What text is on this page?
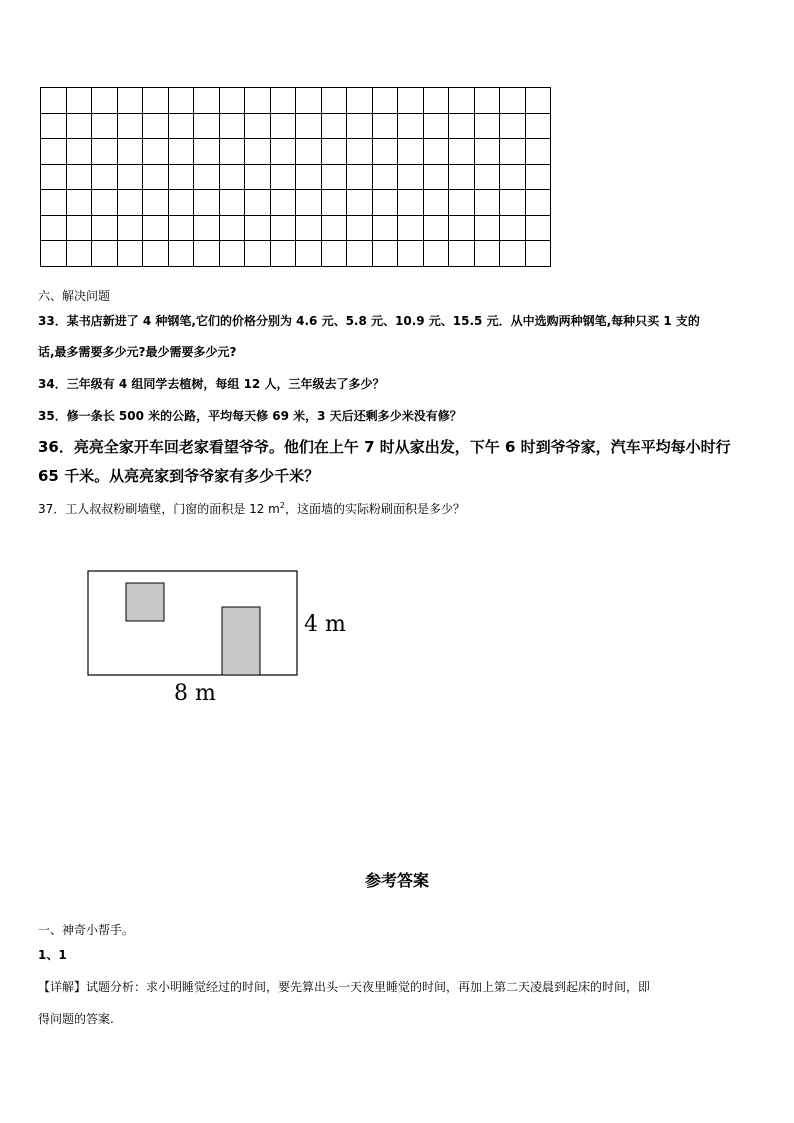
六、解决问题
33．某书店新进了 4 种钢笔,它们的价格分别为 4.6 元、5.8 元、10.9 元、15.5 元．从中选购两种钢笔,每种只买 1 支的
话,最多需要多少元?最少需要多少元?
34．三年级有 4 组同学去植树，每组 12 人，三年级去了多少？
35．修一条长 500 米的公路，平均每天修 69 米，3 天后还剩多少米没有修？
36．亮亮全家开车回老家看望爷爷。他们在上午 7 时从家出发，下午 6 时到爷爷家，汽车平均每小时行
65 千米。从亮亮家到爷爷家有多少千米？
37．工人叔叔粉刷墙壁，门窗的面积是 12 $m^2$，这面墙的实际粉刷面积是多少？
4 m
8 m
参考答案
一、神奇小帮手。
1、1
【详解】试题分析：求小明睡觉经过的时间，要先算出头一天夜里睡觉的时间，再加上第二天凌晨到起床的时间，即
得问题的答案.
